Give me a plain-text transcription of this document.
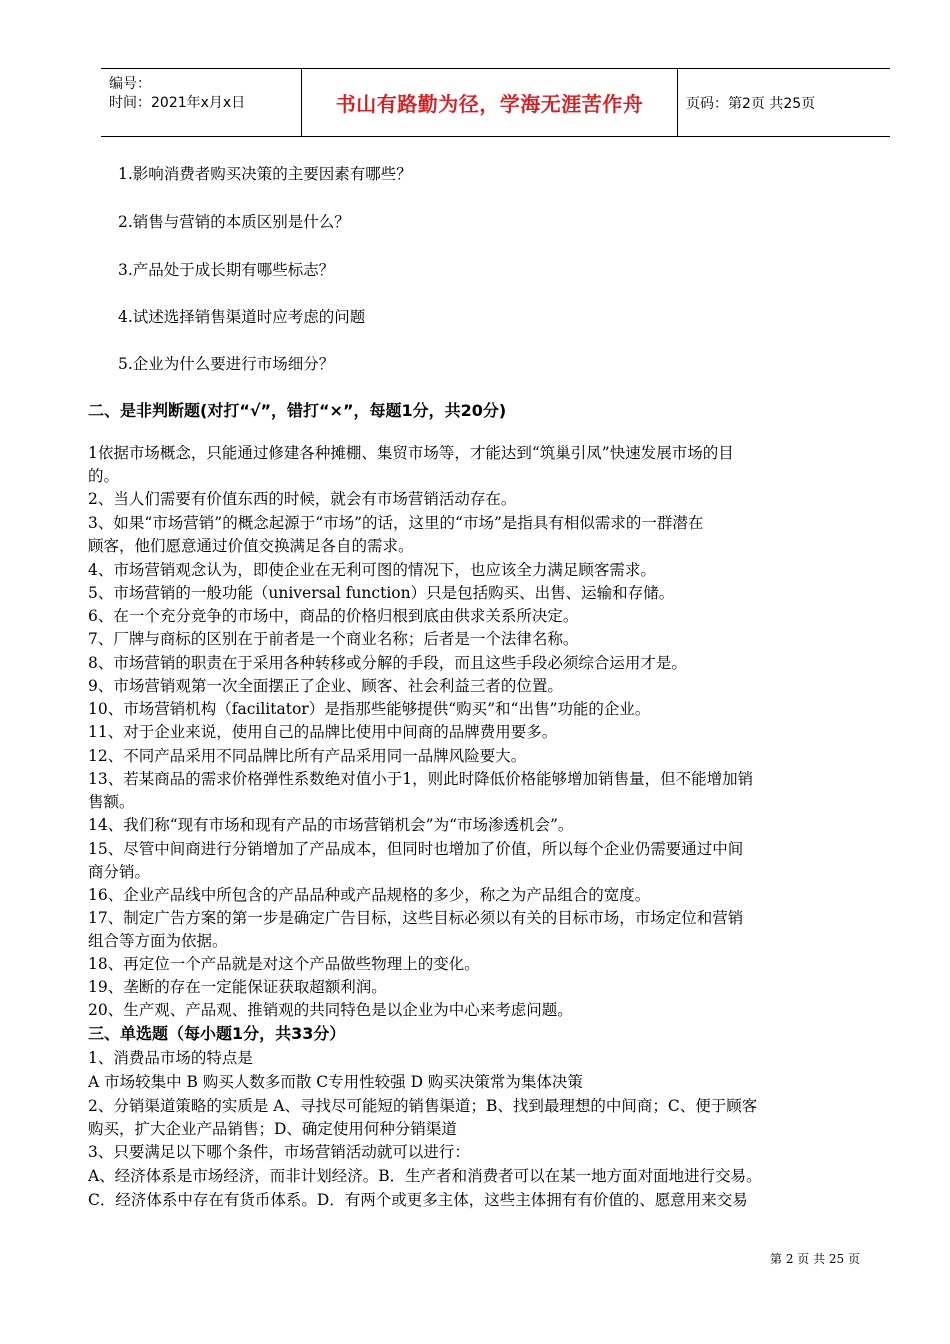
编号：
时间：2021年x月x日	书山有路勤为径，学海无涯苦作舟	页码：第2页 共25页
1.影响消费者购买决策的主要因素有哪些？
2.销售与营销的本质区别是什么？
3.产品处于成长期有哪些标志？
4.试述选择销售渠道时应考虑的问题
5.企业为什么要进行市场细分？
二、是非判断题(对打“√”，错打“×”，每题1分，共20分)
1依据市场概念，只能通过修建各种摊棚、集贸市场等，才能达到“筑巢引凤”快速发展市场的目
的。
2、当人们需要有价值东西的时候，就会有市场营销活动存在。
3、如果“市场营销”的概念起源于“市场”的话，这里的“市场”是指具有相似需求的一群潜在
顾客，他们愿意通过价值交换满足各自的需求。
4、市场营销观念认为，即使企业在无利可图的情况下，也应该全力满足顾客需求。
5、市场营销的一般功能（universal function）只是包括购买、出售、运输和存储。
6、在一个充分竞争的市场中，商品的价格归根到底由供求关系所决定。
7、厂牌与商标的区别在于前者是一个商业名称；后者是一个法律名称。
8、市场营销的职责在于采用各种转移或分解的手段，而且这些手段必须综合运用才是。
9、市场营销观第一次全面摆正了企业、顾客、社会利益三者的位置。
10、市场营销机构（facilitator）是指那些能够提供“购买”和“出售”功能的企业。
11、对于企业来说，使用自己的品牌比使用中间商的品牌费用要多。
12、不同产品采用不同品牌比所有产品采用同一品牌风险要大。
13、若某商品的需求价格弹性系数绝对值小于1，则此时降低价格能够增加销售量，但不能增加销
售额。
14、我们称“现有市场和现有产品的市场营销机会”为“市场渗透机会”。
15、尽管中间商进行分销增加了产品成本，但同时也增加了价值，所以每个企业仍需要通过中间
商分销。
16、企业产品线中所包含的产品品种或产品规格的多少，称之为产品组合的宽度。
17、制定广告方案的第一步是确定广告目标，这些目标必须以有关的目标市场，市场定位和营销
组合等方面为依据。
18、再定位一个产品就是对这个产品做些物理上的变化。
19、垄断的存在一定能保证获取超额利润。
20、生产观、产品观、推销观的共同特色是以企业为中心来考虑问题。
三、单选题（每小题1分，共33分）
1、消费品市场的特点是
A 市场较集中 B 购买人数多而散 C专用性较强 D 购买决策常为集体决策
2、分销渠道策略的实质是 A、寻找尽可能短的销售渠道；B、找到最理想的中间商；C、便于顾客
购买，扩大企业产品销售；D、确定使用何种分销渠道
3、只要满足以下哪个条件，市场营销活动就可以进行：
A、经济体系是市场经济，而非计划经济。B．生产者和消费者可以在某一地方面对面地进行交易。
C．经济体系中存在有货币体系。D．有两个或更多主体，这些主体拥有有价值的、愿意用来交易
第 2 页 共 25 页
